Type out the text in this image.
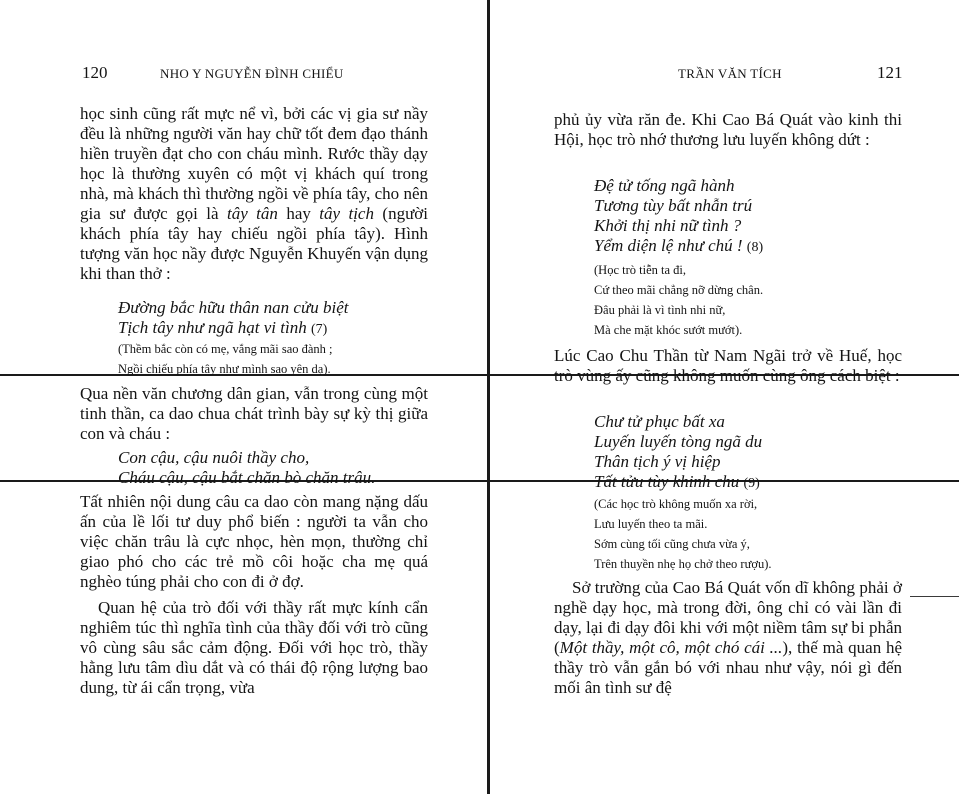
120	NHO Y NGUYỄN ĐÌNH CHIỂU
học sinh cũng rất mực nể vì, bởi các vị gia sư nầy đều là những người văn hay chữ tốt đem đạo thánh hiền truyền đạt cho con cháu mình. Rước thầy dạy học là thường xuyên có một vị khách quí trong nhà, mà khách thì thường ngồi về phía tây, cho nên gia sư được gọi là tây tân hay tây tịch (người khách phía tây hay chiếu ngồi phía tây). Hình tượng văn học nầy được Nguyễn Khuyến vận dụng khi than thở :
Đường bắc hữu thân nan cửu biệt
Tịch tây như ngã hạt vi tình (7)
(Thềm bắc còn có mẹ, vắng mãi sao đành ;
Ngồi chiếu phía tây như mình sao yên dạ).
Qua nền văn chương dân gian, vẫn trong cùng một tinh thần, ca dao chua chát trình bày sự kỳ thị giữa con và cháu :
Con cậu, cậu nuôi thầy cho,
Cháu cậu, cậu bắt chăn bò chăn trâu.
Tất nhiên nội dung câu ca dao còn mang nặng dấu ấn của lề lối tư duy phổ biến : người ta vẫn cho việc chăn trâu là cực nhọc, hèn mọn, thường chỉ giao phó cho các trẻ mồ côi hoặc cha mẹ quá nghèo túng phải cho con đi ở đợ.
Quan hệ của trò đối với thầy rất mực kính cẩn nghiêm túc thì nghĩa tình của thầy đối với trò cũng vô cùng sâu sắc cảm động. Đối với học trò, thầy hằng lưu tâm dìu dắt và có thái độ rộng lượng bao dung, từ ái cẩn trọng, vừa
TRẦN VĂN TÍCH	121
phủ ủy vừa răn đe. Khi Cao Bá Quát vào kinh thi Hội, học trò nhớ thương lưu luyến không dứt :
Đệ tử tống ngã hành
Tương tùy bất nhẫn trú
Khởi thị nhi nữ tình ?
Yểm diện lệ như chú ! (8)
(Học trò tiễn ta đi,
Cứ theo mãi chẳng nỡ dừng chân.
Đâu phải là vì tình nhi nữ,
Mà che mặt khóc sướt mướt).
Lúc Cao Chu Thần từ Nam Ngãi trở về Huế, học trò vùng ấy cũng không muốn cùng ông cách biệt :
Chư tử phục bất xa
Luyến luyến tòng ngã du
Thân tịch ý vị hiệp
Tất tửu tùy khinh chu (9)
(Các học trò không muốn xa rời,
Lưu luyến theo ta mãi.
Sớm cùng tối cũng chưa vừa ý,
Trên thuyền nhẹ họ chở theo rượu).
Sở trường của Cao Bá Quát vốn dĩ không phải ở nghề dạy học, mà trong đời, ông chỉ có vài lần đi dạy, lại đi dạy đôi khi với một niềm tâm sự bi phẫn (Một thầy, một cô, một chó cái ...), thế mà quan hệ thầy trò vẫn gắn bó với nhau như vậy, nói gì đến mối ân tình sư đệ
